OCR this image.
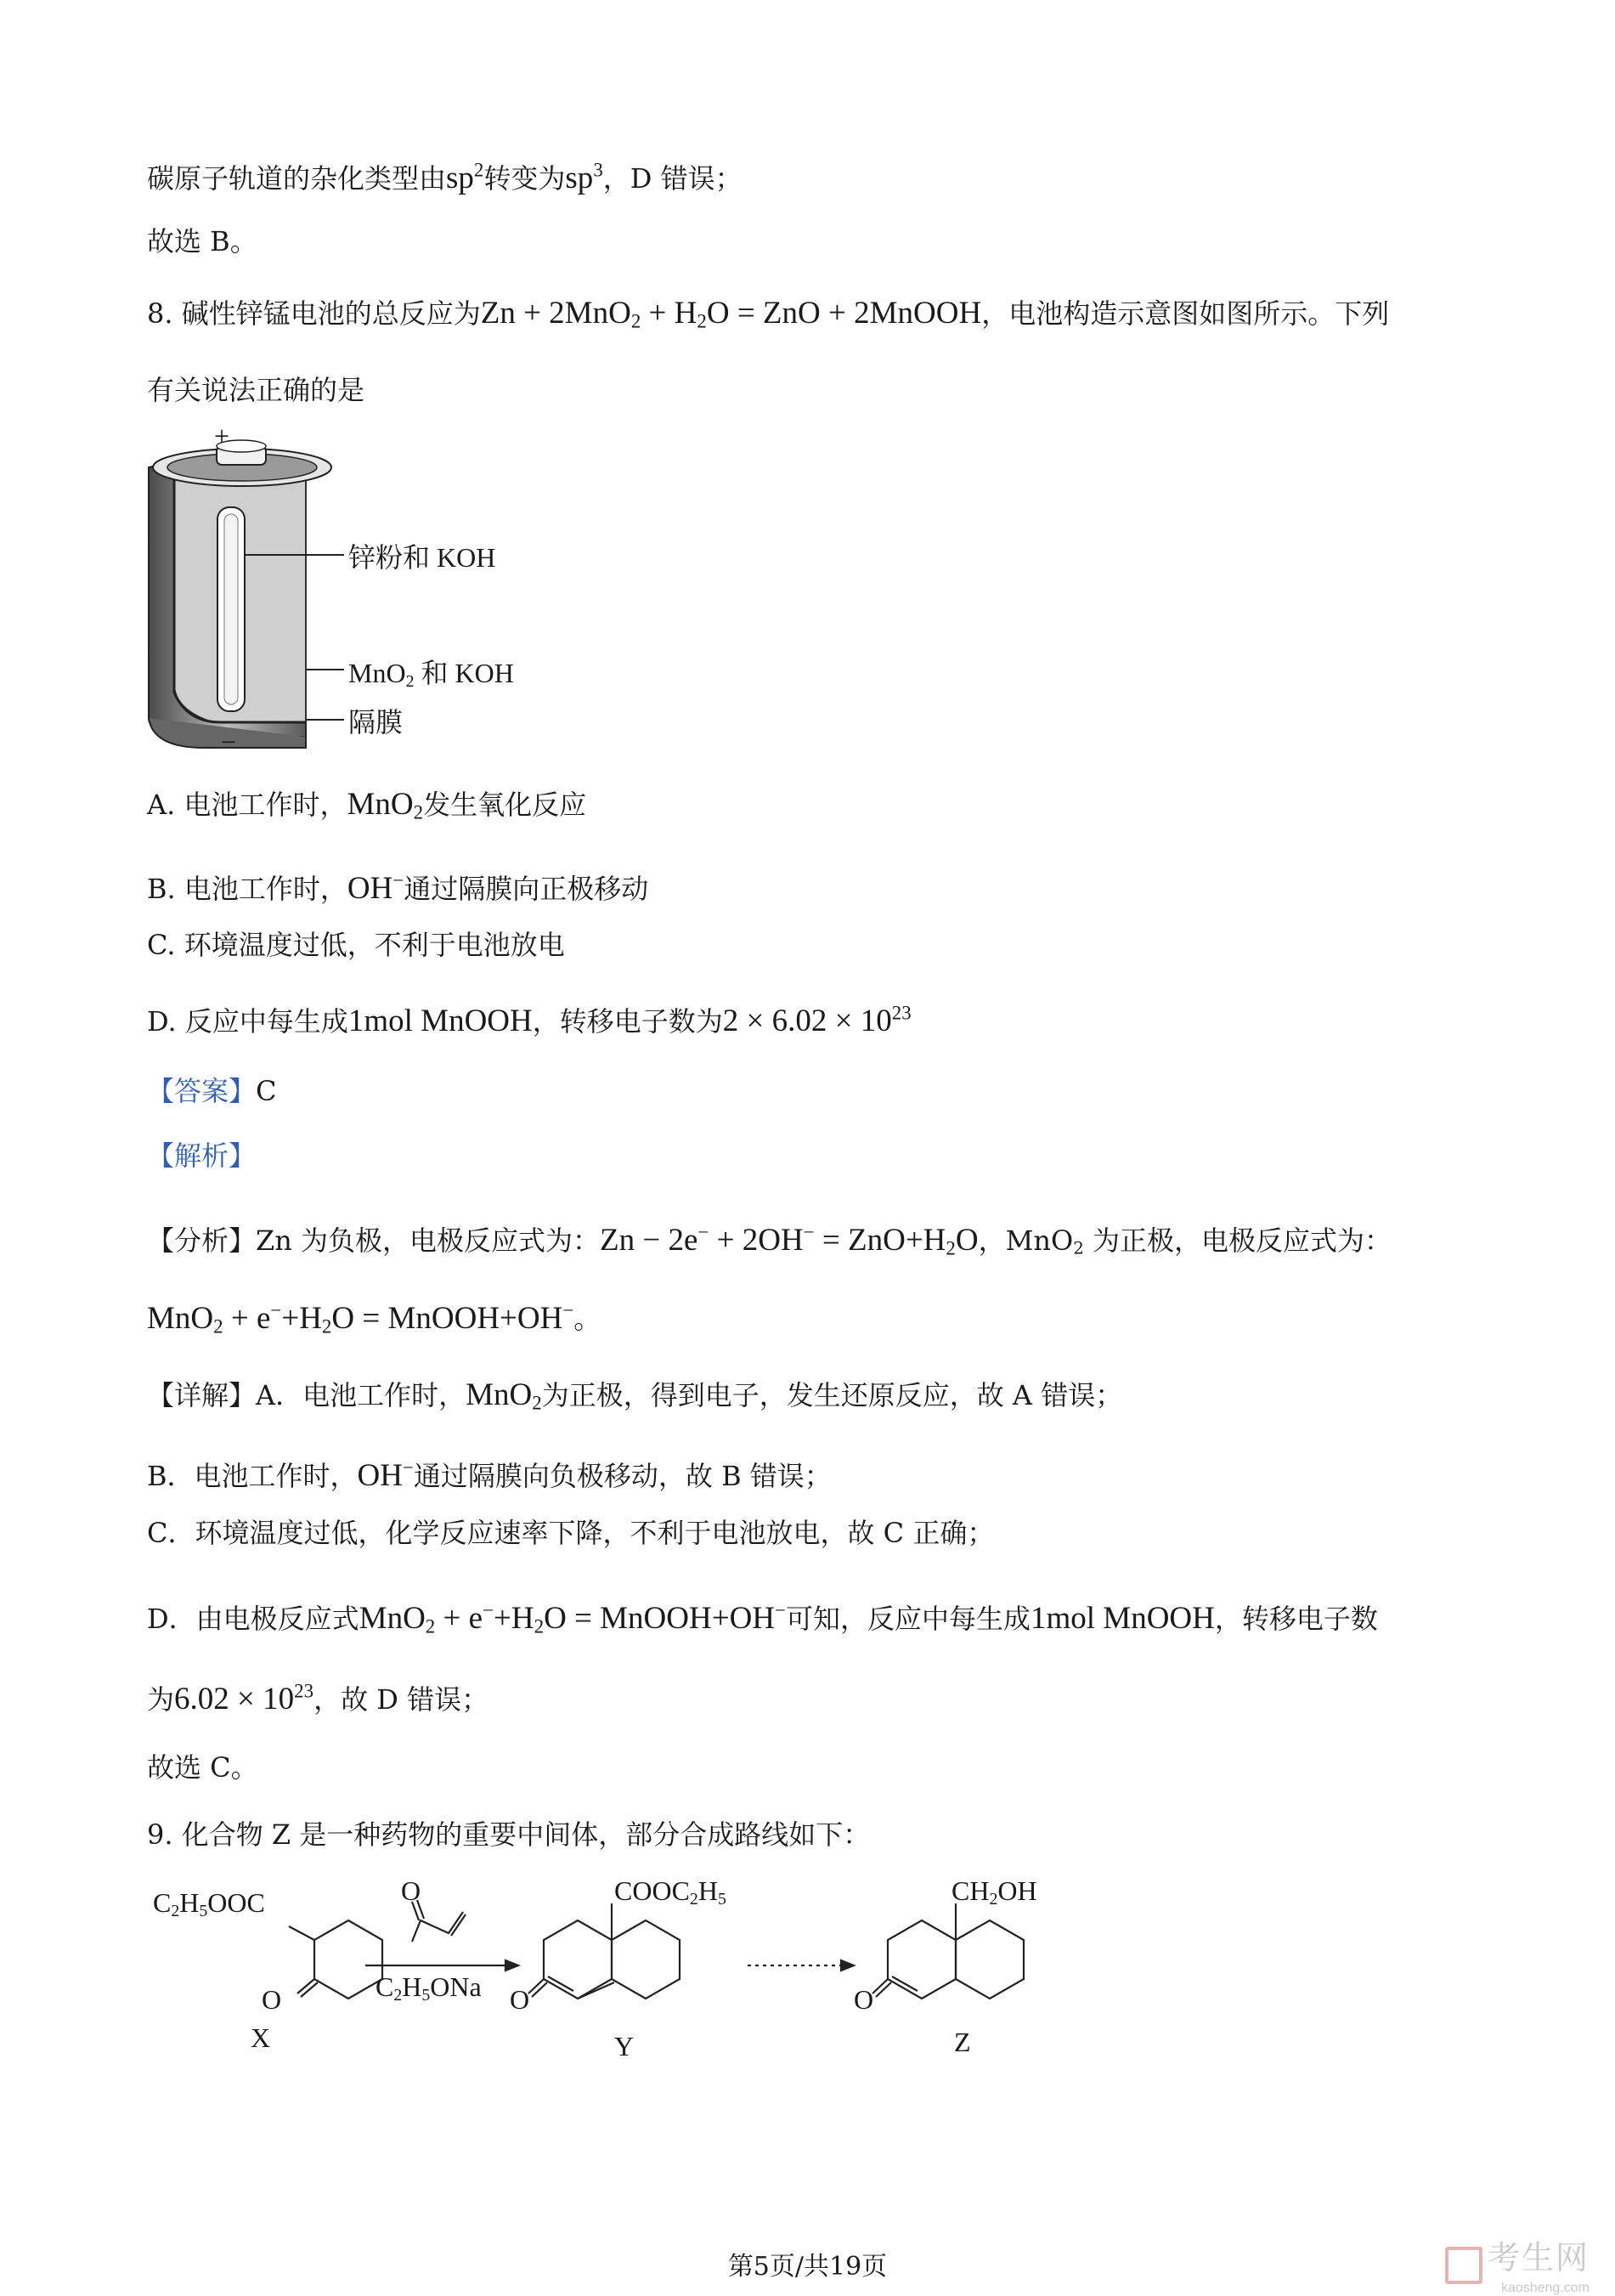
碳原子轨道的杂化类型由$sp^2$转变为$sp^3$，D 错误；
故选 B。
8. 碱性锌锰电池的总反应为$Zn + 2MnO_2 + H_2O$ = ZnO + 2MnOOH，电池构造示意图如图所示。下列
有关说法正确的是
+
−
锌粉和 KOH
MnO$_2$ 和 KOH
隔膜
A. 电池工作时，MnO$_2$发生氧化反应
B. 电池工作时，OH−通过隔膜向正极移动
C. 环境温度过低，不利于电池放电
D. 反应中每生成1mol MnOOH，转移电子数为$2 \times 6.02 \times 10^{23}$
【答案】C
【解析】
【分析】Zn 为负极，电极反应式为：$Zn - 2e^- + 2OH^- = ZnO+H_2O$，MnO$_2$ 为正极，电极反应式为：
$MnO_2 + e^-+H_2O$ = MnOOH+OH−。
【详解】A．电池工作时，MnO$_2$为正极，得到电子，发生还原反应，故 A 错误；
B．电池工作时，OH−通过隔膜向负极移动，故 B 错误；
C．环境温度过低，化学反应速率下降，不利于电池放电，故 C 正确；
D．由电极反应式$MnO_2 + e^-+H_2O$ = MnOOH+OH−可知，反应中每生成1mol MnOOH，转移电子数
为$6.02 \times 10^{23}$，故 D 错误；
故选 C。
9. 化合物 Z 是一种药物的重要中间体，部分合成路线如下：
$C_2H_5OOC$
O
X
O
$C_2H_5ONa$
$COOC_2H_5$
O
Y
$CH_2OH$
O
Z
第5页/共19页	考生网
kaosheng.com
